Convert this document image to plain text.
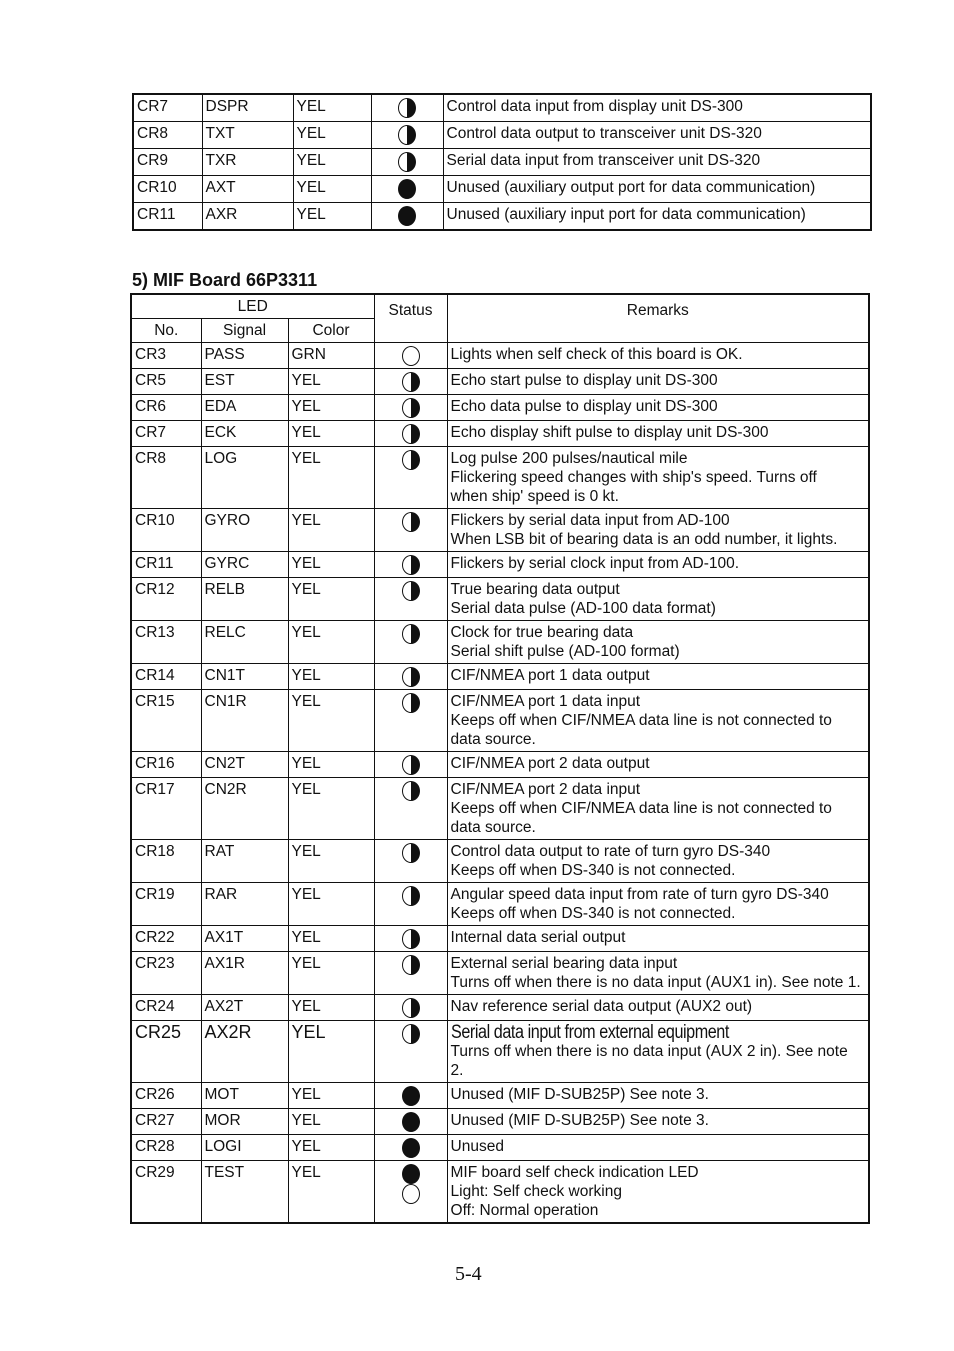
CR7	DSPR	YEL		Control data input from display unit DS-300

CR8	TXT	YEL		Control data output to transceiver unit DS-320

CR9	TXR	YEL		Serial data input from transceiver unit DS-320

CR10	AXT	YEL		Unused (auxiliary output port for data communication)

CR11	AXR	YEL		Unused (auxiliary input port for data communication)
5) MIF Board 66P3311
LED			Status	Remarks
No.	Signal	Color		
CR3	PASS	GRN		Lights when self check of this board is OK.

CR5	EST	YEL		Echo start pulse to display unit DS-300

CR6	EDA	YEL		Echo data pulse to display unit DS-300

CR7	ECK	YEL		Echo display shift pulse to display unit DS-300

CR8	LOG	YEL		Log pulse 200 pulses/nautical mile
Flickering speed changes with ship's speed. Turns off
when ship' speed is 0 kt.

CR10	GYRO	YEL		Flickers by serial data input from AD-100
When LSB bit of bearing data is an odd number, it lights.

CR11	GYRC	YEL		Flickers by serial clock input from AD-100.

CR12	RELB	YEL		True bearing data output
Serial data pulse (AD-100 data format)

CR13	RELC	YEL		Clock for true bearing data
Serial shift pulse (AD-100 format)

CR14	CN1T	YEL		CIF/NMEA port 1 data output

CR15	CN1R	YEL		CIF/NMEA port 1 data input
Keeps off when CIF/NMEA data line is not connected to
data source.

CR16	CN2T	YEL		CIF/NMEA port 2 data output

CR17	CN2R	YEL		CIF/NMEA port 2 data input
Keeps off when CIF/NMEA data line is not connected to
data source.

CR18	RAT	YEL		Control data output to rate of turn gyro DS-340
Keeps off when DS-340 is not connected.

CR19	RAR	YEL		Angular speed data input from rate of turn gyro DS-340
Keeps off when DS-340 is not connected.

CR22	AX1T	YEL		Internal data serial output

CR23	AX1R	YEL		External serial bearing data input
Turns off when there is no data input (AUX1 in). See note 1.

CR24	AX2T	YEL		Nav reference serial data output (AUX2 out)

CR25	AX2R	YEL		Serial data input from external equipment
Turns off when there is no data input (AUX 2 in). See note
2.

CR26	MOT	YEL		Unused (MIF D-SUB25P) See note 3.

CR27	MOR	YEL		Unused (MIF D-SUB25P) See note 3.

CR28	LOGI	YEL		Unused

CR29	TEST	YEL		MIF board self check indication LED
Light: Self check working
Off: Normal operation
5-4
